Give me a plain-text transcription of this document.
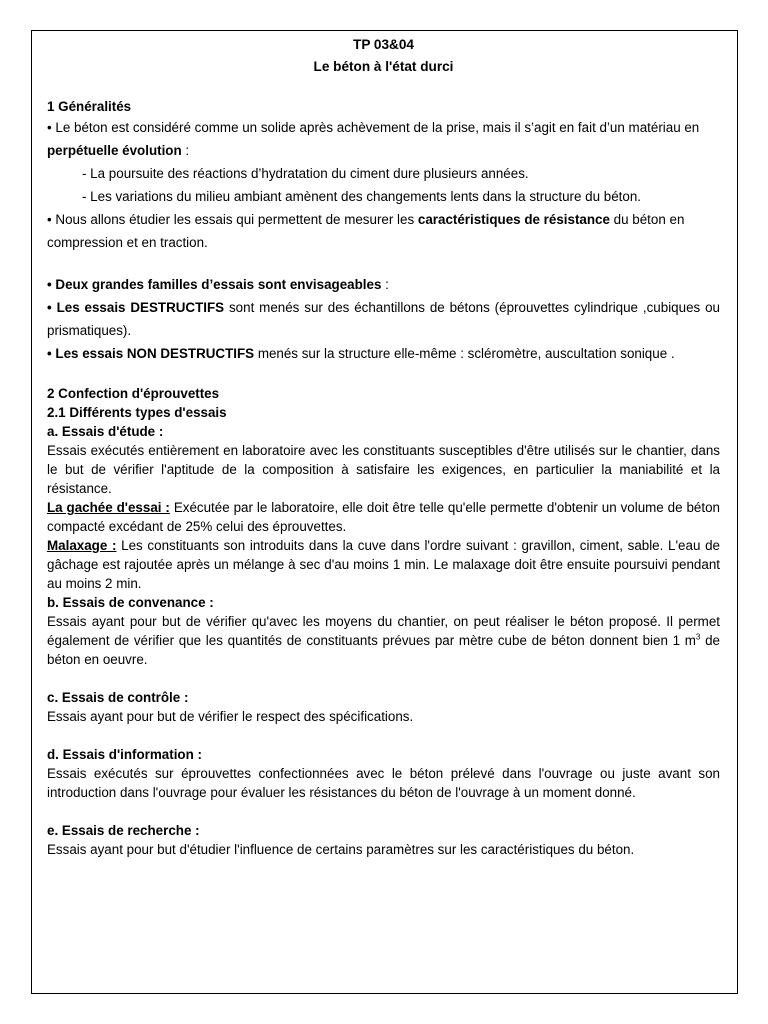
TP 03&04
Le béton à l'état durci
1 Généralités

• Le béton est considéré comme un solide après achèvement de la prise, mais il s’agit en fait d’un matériau en perpétuelle évolution :

- La poursuite des réactions d’hydratation du ciment dure plusieurs années.

- Les variations du milieu ambiant amènent des changements lents dans la structure du béton.

• Nous allons étudier les essais qui permettent de mesurer les caractéristiques de résistance du béton en compression et en traction.

• Deux grandes familles d’essais sont envisageables :

• Les essais DESTRUCTIFS sont menés sur des échantillons de bétons (éprouvettes cylindrique ,cubiques ou prismatiques).

• Les essais NON DESTRUCTIFS menés sur la structure elle-même : scléromètre, auscultation sonique .

2 Confection d'éprouvettes
2.1 Différents types d'essais
a. Essais d'étude :

Essais exécutés entièrement en laboratoire avec les constituants susceptibles d'être utilisés sur le chantier, dans le but de vérifier l'aptitude de la composition à satisfaire les exigences, en particulier la maniabilité et la résistance.

La gachée d'essai : Exécutée par le laboratoire, elle doit être telle qu'elle permette d'obtenir un volume de béton compacté excédant de 25% celui des éprouvettes.

Malaxage : Les constituants son introduits dans la cuve dans l'ordre suivant : gravillon, ciment, sable. L'eau de gâchage est rajoutée après un mélange à sec d'au moins 1 min. Le malaxage doit être ensuite poursuivi pendant au moins 2 min.

b. Essais de convenance :

Essais ayant pour but de vérifier qu'avec les moyens du chantier, on peut réaliser le béton proposé. Il permet également de vérifier que les quantités de constituants prévues par mètre cube de béton donnent bien 1 $m^3$ de béton en oeuvre.

c. Essais de contrôle :

Essais ayant pour but de vérifier le respect des spécifications.

d. Essais d'information :

Essais exécutés sur éprouvettes confectionnées avec le béton prélevé dans l'ouvrage ou juste avant son introduction dans l'ouvrage pour évaluer les résistances du béton de l'ouvrage à un moment donné.

e. Essais de recherche :

Essais ayant pour but d'étudier l'influence de certains paramètres sur les caractéristiques du béton.
